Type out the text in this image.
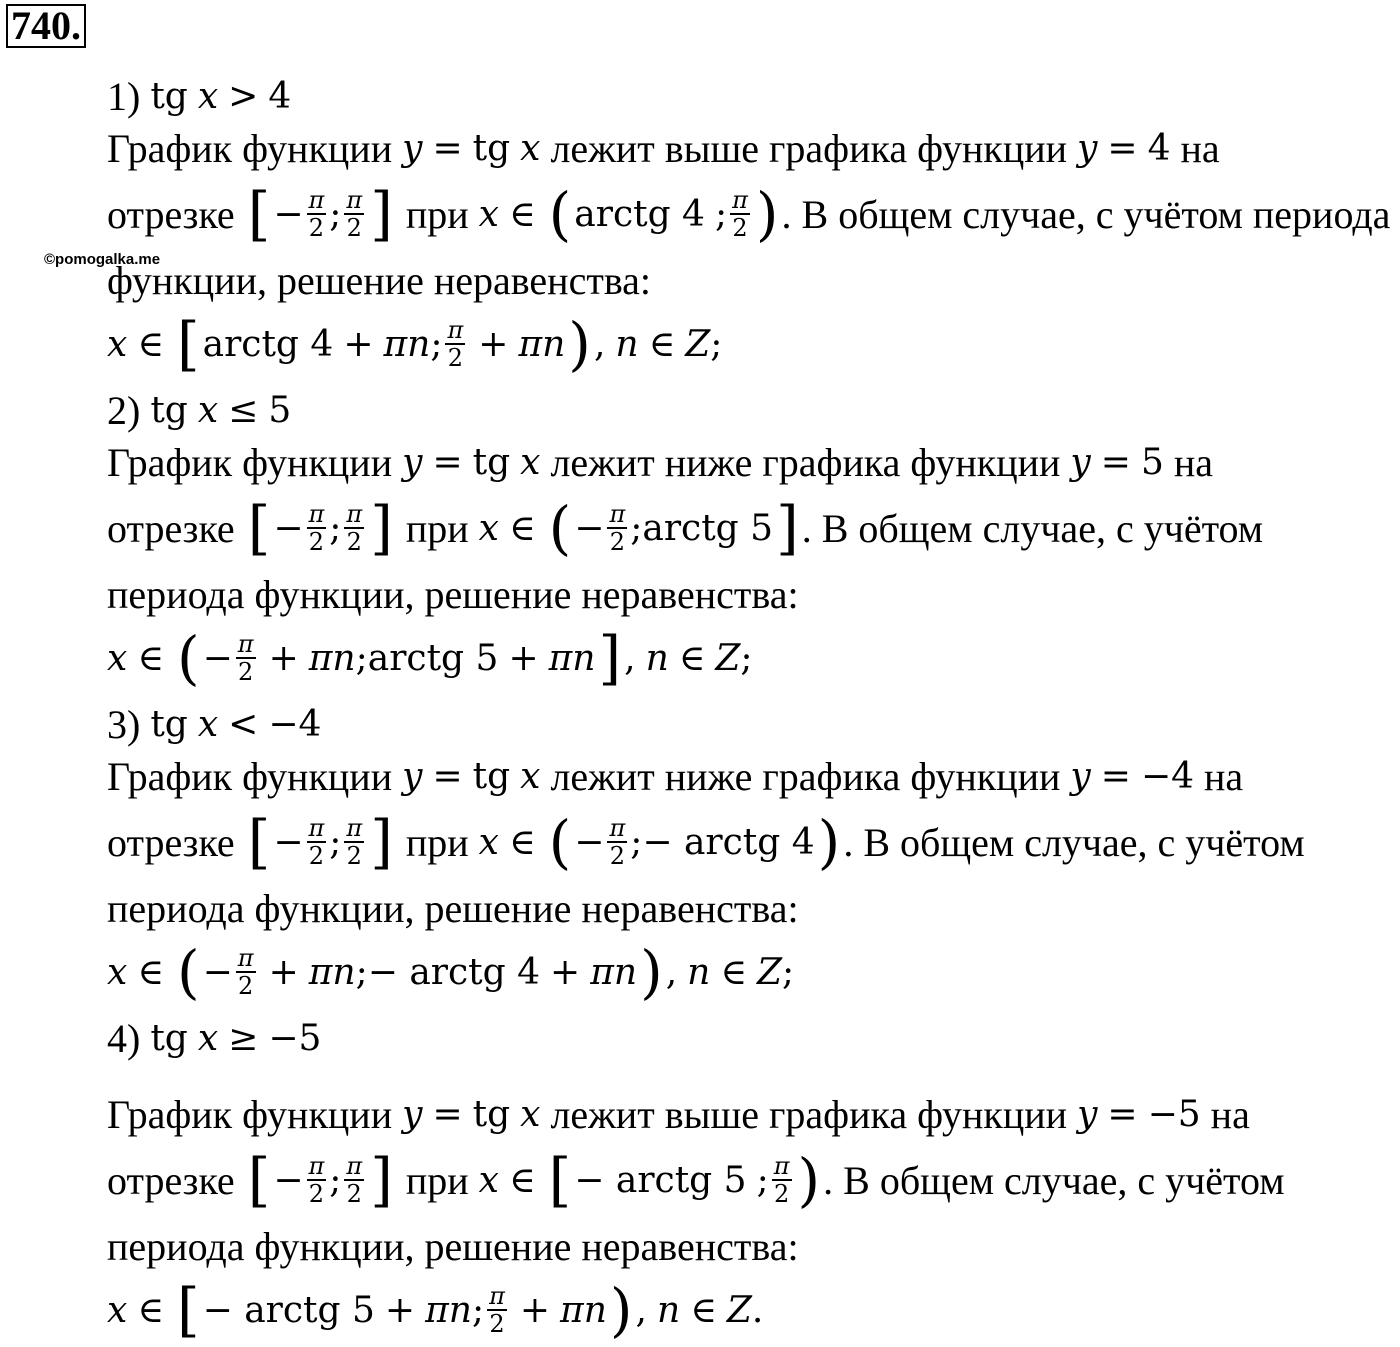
740.
©pomogalka.me
1) tg x > 4
График функции y = tg x лежит выше графика функции y = 4 на
отрезке [ − $\frac{\pi}{2}$ ; $\frac{\pi}{2}$ ] при x ∈ ( arctg 4 ; $\frac{\pi}{2}$ ) . В общем случае, с учётом периода
функции, решение неравенства:
x ∈ [ arctg 4 + πn ; $\frac{\pi}{2} + \pi n$ ) , n ∈ Z ;
2) tg x ≤ 5
График функции y = tg x лежит ниже графика функции y = 5 на
отрезке [ − $\frac{\pi}{2}$ ; $\frac{\pi}{2}$ ] при x ∈ ( − $\frac{\pi}{2}$ ; arctg 5 ] . В общем случае, с учётом
периода функции, решение неравенства:
x ∈ ( − $\frac{\pi}{2} + \pi n$ ; arctg 5 + πn ] , n ∈ Z ;
3) tg x < −4
График функции y = tg x лежит ниже графика функции y = −4 на
отрезке [ − $\frac{\pi}{2}$ ; $\frac{\pi}{2}$ ] при x ∈ ( − $\frac{\pi}{2}$ ; − arctg 4 ) . В общем случае, с учётом
периода функции, решение неравенства:
x ∈ ( − $\frac{\pi}{2} + \pi n$ ; − arctg 4 + πn ) , n ∈ Z ;
4) tg x ≥ −5
График функции y = tg x лежит выше графика функции y = −5 на
отрезке [ − $\frac{\pi}{2}$ ; $\frac{\pi}{2}$ ] при x ∈ [ − arctg 5 ; $\frac{\pi}{2}$ ) . В общем случае, с учётом
периода функции, решение неравенства:
x ∈ [ − arctg 5 + πn ; $\frac{\pi}{2} + \pi n$ ) , n ∈ Z .
